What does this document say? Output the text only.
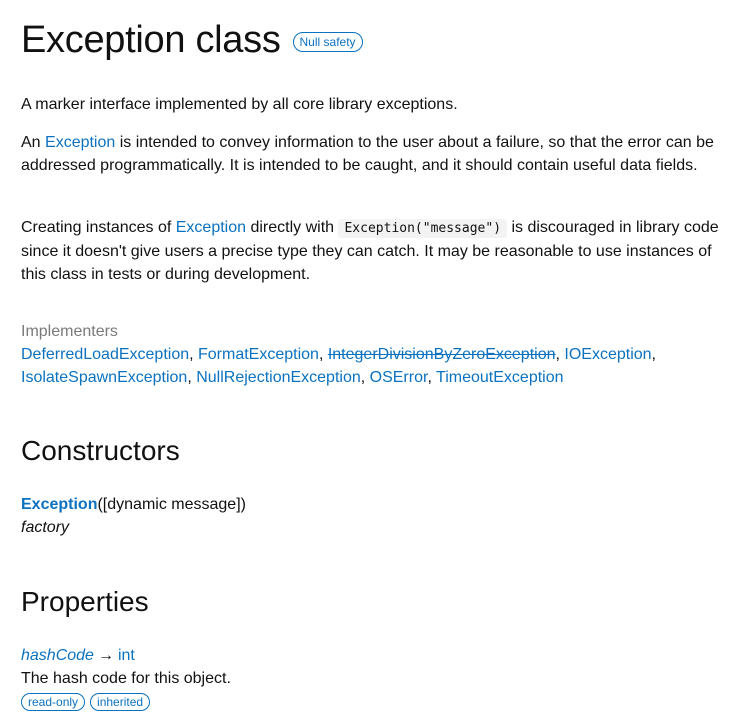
Exception class	Null safety

A marker interface implemented by all core library exceptions.

An Exception is intended to convey information to the user about a failure, so that the error can be addressed programmatically. It is intended to be caught, and it should contain useful data fields.

Creating instances of Exception directly with Exception("message") is discouraged in library code since it doesn't give users a precise type they can catch. It may be reasonable to use instances of this class in tests or during development.

Implementers
DeferredLoadException, FormatException, IntegerDivisionByZeroException, IOException,
IsolateSpawnException, NullRejectionException, OSError, TimeoutException
Constructors
Exception([dynamic message])
factory
Properties
hashCode → int
The hash code for this object.
read-only	inherited
